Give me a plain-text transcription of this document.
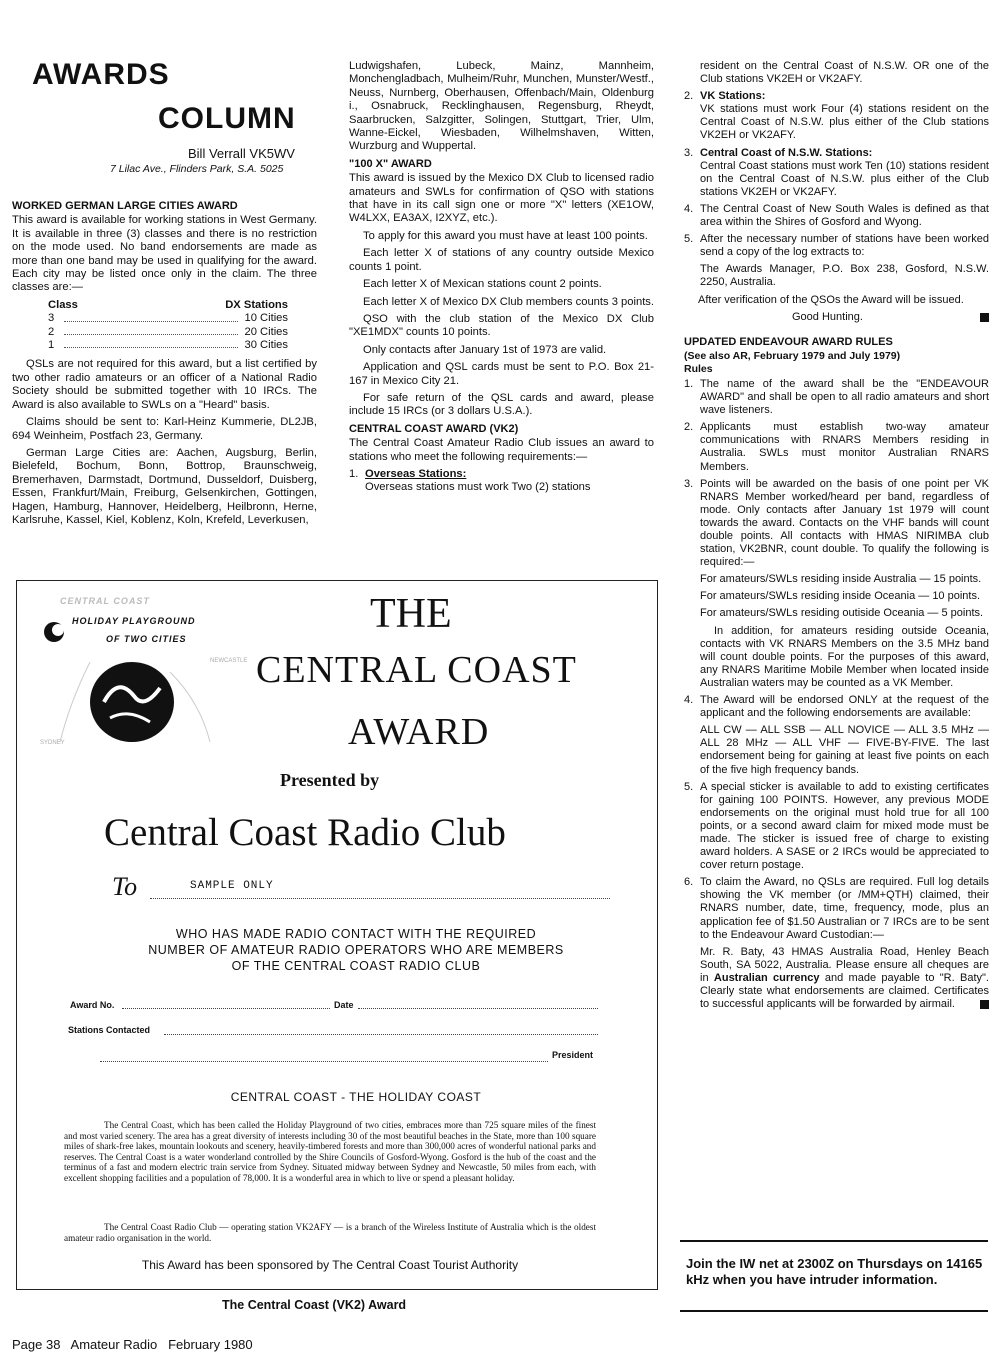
AWARDS
COLUMN
Bill Verrall VK5WV
7 Lilac Ave., Flinders Park, S.A. 5025
WORKED GERMAN LARGE CITIES AWARD

This award is available for working stations in West Germany. It is available in three (3) classes and there is no restriction on the mode used. No band endorsements are made as more than one band may be used in qualifying for the award. Each city may be listed once only in the claim. The three classes are:—

Class	DX Stations
3	10 Cities
2	20 Cities
1	30 Cities

QSLs are not required for this award, but a list certified by two other radio amateurs or an officer of a National Radio Society should be submitted together with 10 IRCs. The Award is also available to SWLs on a "Heard" basis.

Claims should be sent to: Karl-Heinz Kummerie, DL2JB, 694 Weinheim, Postfach 23, Germany.

German Large Cities are: Aachen, Augsburg, Berlin, Bielefeld, Bochum, Bonn, Bottrop, Braunschweig, Bremerhaven, Darmstadt, Dortmund, Dusseldorf, Duisberg, Essen, Frankfurt/Main, Freiburg, Gelsenkirchen, Gottingen, Hagen, Hamburg, Hannover, Heidelberg, Heilbronn, Herne, Karlsruhe, Kassel, Kiel, Koblenz, Koln, Krefeld, Leverkusen,

Ludwigshafen, Lubeck, Mainz, Mannheim, Monchengladbach, Mulheim/Ruhr, Munchen, Munster/Westf., Neuss, Nurnberg, Oberhausen, Offenbach/Main, Oldenburg i., Osnabruck, Recklinghausen, Regensburg, Rheydt, Saarbrucken, Salzgitter, Solingen, Stuttgart, Trier, Ulm, Wanne-Eickel, Wiesbaden, Wilhelmshaven, Witten, Wurzburg and Wuppertal.

"100 X" AWARD

This award is issued by the Mexico DX Club to licensed radio amateurs and SWLs for confirmation of QSO with stations that have in its call sign one or more "X" letters (XE1OW, W4LXX, EA3AX, I2XYZ, etc.).

To apply for this award you must have at least 100 points.

Each letter X of stations of any country outside Mexico counts 1 point.

Each letter X of Mexican stations count 2 points.

Each letter X of Mexico DX Club members counts 3 points.

QSO with the club station of the Mexico DX Club "XE1MDX" counts 10 points.

Only contacts after January 1st of 1973 are valid.

Application and QSL cards must be sent to P.O. Box 21-167 in Mexico City 21.

For safe return of the QSL cards and award, please include 15 IRCs (or 3 dollars U.S.A.).

CENTRAL COAST AWARD (VK2)

The Central Coast Amateur Radio Club issues an award to stations who meet the following requirements:—

1. Overseas Stations:

Overseas stations must work Two (2) stations

resident on the Central Coast of N.S.W. OR one of the Club stations VK2EH or VK2AFY.

2. VK Stations:

VK stations must work Four (4) stations resident on the Central Coast of N.S.W. plus either of the Club stations VK2EH or VK2AFY.

3. Central Coast of N.S.W. Stations:

Central Coast stations must work Ten (10) stations resident on the Central Coast of N.S.W. plus either of the Club stations VK2EH or VK2AFY.

4. The Central Coast of New South Wales is defined as that area within the Shires of Gosford and Wyong.

5. After the necessary number of stations have been worked send a copy of the log extracts to:

The Awards Manager, P.O. Box 238, Gosford, N.S.W. 2250, Australia.

After verification of the QSOs the Award will be issued.

Good Hunting.
UPDATED ENDEAVOUR AWARD RULES
(See also AR, February 1979 and July 1979)
Rules
1. The name of the award shall be the "ENDEAVOUR AWARD" and shall be open to all radio amateurs and short wave listeners.

2. Applicants must establish two-way amateur communications with RNARS Members residing in Australia. SWLs must monitor Australian RNARS Members.

3. Points will be awarded on the basis of one point per VK RNARS Member worked/heard per band, regardless of mode. Only contacts after January 1st 1979 will count towards the award. Contacts on the VHF bands will count double points. All contacts with HMAS NIRIMBA club station, VK2BNR, count double. To qualify the following is required:—

For amateurs/SWLs residing inside Australia — 15 points.

For amateurs/SWLs residing inside Oceania — 10 points.

For amateurs/SWLs residing outiside Oceania — 5 points.

In addition, for amateurs residing outside Oceania, contacts with VK RNARS Members on the 3.5 MHz band will count double points. For the purposes of this award, any RNARS Maritime Mobile Member when located inside Australian waters may be counted as a VK Member.

4. The Award will be endorsed ONLY at the request of the applicant and the following endorsements are available:

ALL CW — ALL SSB — ALL NOVICE — ALL 3.5 MHz — ALL 28 MHz — ALL VHF — FIVE-BY-FIVE. The last endorsement being for gaining at least five points on each of the five high frequency bands.

5. A special sticker is available to add to existing certificates for gaining 100 POINTS. However, any previous MODE endorsements on the original must hold true for all 100 points, or a second award claim for mixed mode must be made. The sticker is issued free of charge to existing award holders. A SASE or 2 IRCs would be appreciated to cover return postage.

6. To claim the Award, no QSLs are required. Full log details showing the VK member (or /MM+QTH) claimed, their RNARS number, date, time, frequency, mode, plus an application fee of $1.50 Australian or 7 IRCs are to be sent to the Endeavour Award Custodian:—

Mr. R. Baty, 43 HMAS Australia Road, Henley Beach South, SA 5022, Australia. Please ensure all cheques are in Australian currency and made payable to "R. Baty". Clearly state what endorsements are claimed. Certificates to successful applicants will be forwarded by airmail.

Join the IW net at 2300Z on Thursdays on 14165 kHz when you have intruder information.
CENTRAL COAST
NEWCASTLE
SYDNEY
HOLIDAY PLAYGROUND
OF TWO CITIES
THE
CENTRAL COAST
AWARD
Presented by
Central Coast Radio Club
To	SAMPLE ONLY
WHO HAS MADE RADIO CONTACT WITH THE REQUIRED
NUMBER OF AMATEUR RADIO OPERATORS WHO ARE MEMBERS
OF THE CENTRAL COAST RADIO CLUB
Award No.	Date
Stations Contacted
President
CENTRAL COAST - THE HOLIDAY COAST
The Central Coast, which has been called the Holiday Playground of two cities, embraces more than 725 square miles of the finest and most varied scenery. The area has a great diversity of interests including 30 of the most beautiful beaches in the State, more than 100 square miles of shark-free lakes, mountain lookouts and scenery, heavily-timbered forests and more than 300,000 acres of wonderful national parks and reserves. The Central Coast is a water wonderland controlled by the Shire Councils of Gosford-Wyong. Gosford is the hub of the coast and the terminus of a fast and modern electric train service from Sydney. Situated midway between Sydney and Newcastle, 50 miles from each, with excellent shopping facilities and a population of 78,000. It is a wonderful area in which to live or spend a pleasant holiday.
The Central Coast Radio Club — operating station VK2AFY — is a branch of the Wireless Institute of Australia which is the oldest amateur radio organisation in the world.
This Award has been sponsored by The Central Coast Tourist Authority
The Central Coast (VK2) Award
Page 38   Amateur Radio   February 1980
